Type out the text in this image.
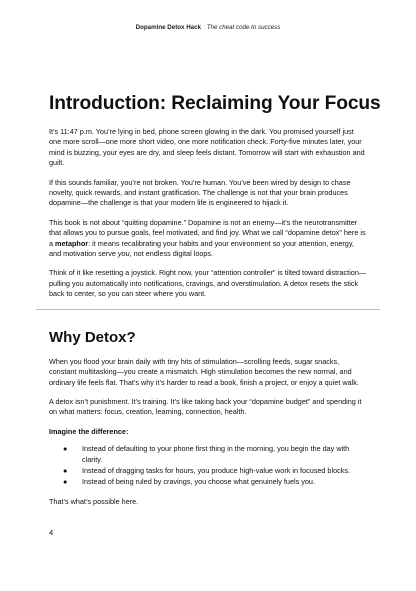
Dopamine Detox Hack The cheat code to success
Introduction: Reclaiming Your Focus

It’s 11:47 p.m. You’re lying in bed, phone screen glowing in the dark. You promised yourself just one more scroll—one more short video, one more notification check. Forty-five minutes later, your mind is buzzing, your eyes are dry, and sleep feels distant. Tomorrow will start with exhaustion and guilt.

If this sounds familiar, you’re not broken. You’re human. You’ve been wired by design to chase novelty, quick rewards, and instant gratification. The challenge is not that your brain produces dopamine—the challenge is that your modern life is engineered to hijack it.

This book is not about “quitting dopamine.” Dopamine is not an enemy—it’s the neurotransmitter that allows you to pursue goals, feel motivated, and find joy. What we call “dopamine detox” here is a metaphor: it means recalibrating your habits and your environment so your attention, energy, and motivation serve you, not endless digital loops.

Think of it like resetting a joystick. Right now, your “attention controller” is tilted toward distraction—pulling you automatically into notifications, cravings, and overstimulation. A detox resets the stick back to center, so you can steer where you want.

Why Detox?

When you flood your brain daily with tiny hits of stimulation—scrolling feeds, sugar snacks, constant multitasking—you create a mismatch. High stimulation becomes the new normal, and ordinary life feels flat. That’s why it’s harder to read a book, finish a project, or enjoy a quiet walk.

A detox isn’t punishment. It’s training. It’s like taking back your “dopamine budget” and spending it on what matters: focus, creation, learning, connection, health.

Imagine the difference:

● Instead of defaulting to your phone first thing in the morning, you begin the day with clarity.
● Instead of dragging tasks for hours, you produce high-value work in focused blocks.
● Instead of being ruled by cravings, you choose what genuinely fuels you.

That’s what’s possible here.

4
